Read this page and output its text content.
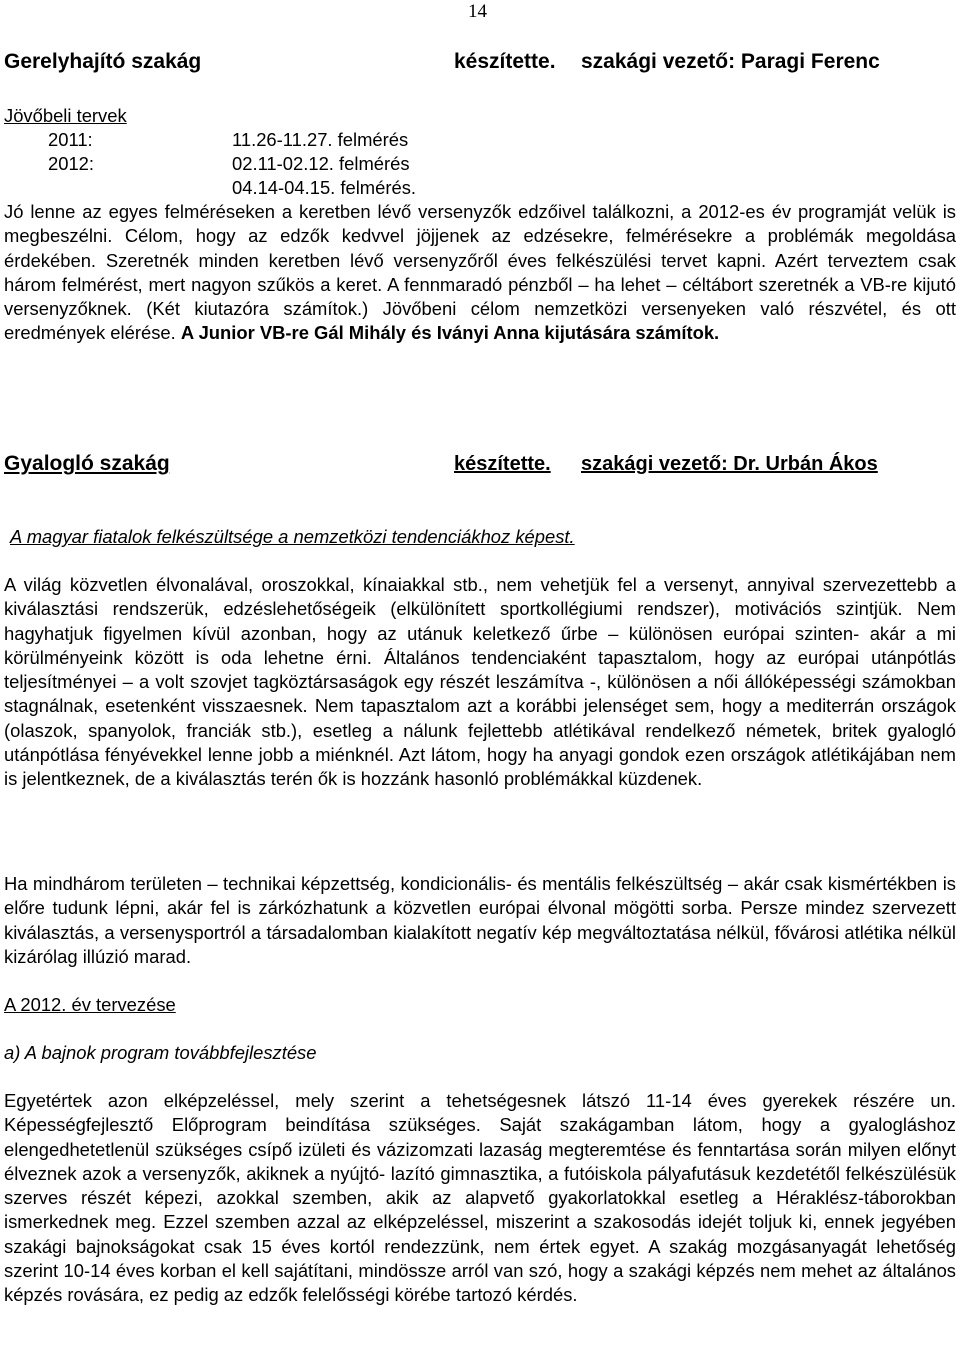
14
Gerelyhajító szakág	készítette. szakági vezető: Paragi Ferenc
Jövőbeli tervek
2011:	11.26-11.27. felmérés
2012:	02.11-02.12. felmérés
04.14-04.15. felmérés.
Jó lenne az egyes felméréseken a keretben lévő versenyzők edzőivel találkozni, a 2012-es év programját velük is megbeszélni. Célom, hogy az edzők kedvvel jöjjenek az edzésekre, felmérésekre a problémák megoldása érdekében. Szeretnék minden keretben lévő versenyzőről éves felkészülési tervet kapni. Azért terveztem csak három felmérést, mert nagyon szűkös a keret. A fennmaradó pénzből – ha lehet – céltábort szeretnék a VB-re kijutó versenyzőknek. (Két kiutazóra számítok.) Jövőbeni célom nemzetközi versenyeken való részvétel, és ott eredmények elérése. A Junior VB-re Gál Mihály és Iványi Anna kijutására számítok.
Gyalogló szakág	készítette. szakági vezető: Dr. Urbán Ákos
A magyar fiatalok felkészültsége a nemzetközi tendenciákhoz képest.
A világ közvetlen élvonalával, oroszokkal, kínaiakkal stb., nem vehetjük fel a versenyt, annyival szervezettebb a kiválasztási rendszerük, edzéslehetőségeik (elkülönített sportkollégiumi rendszer), motivációs szintjük. Nem hagyhatjuk figyelmen kívül azonban, hogy az utánuk keletkező űrbe – különösen európai szinten- akár a mi körülményeink között is oda lehetne érni. Általános tendenciaként tapasztalom, hogy az európai utánpótlás teljesítményei – a volt szovjet tagköztársaságok egy részét leszámítva -, különösen a női állóképességi számokban stagnálnak, esetenként visszaesnek. Nem tapasztalom azt a korábbi jelenséget sem, hogy a mediterrán országok (olaszok, spanyolok, franciák stb.), esetleg a nálunk fejlettebb atlétikával rendelkező németek, britek gyalogló utánpótlása fényévekkel lenne jobb a miénknél. Azt látom, hogy ha anyagi gondok ezen országok atlétikájában nem is jelentkeznek, de a kiválasztás terén ők is hozzánk hasonló problémákkal küzdenek.
Ha mindhárom területen – technikai képzettség, kondicionális- és mentális felkészültség – akár csak kismértékben is előre tudunk lépni, akár fel is zárkózhatunk a közvetlen európai élvonal mögötti sorba. Persze mindez szervezett kiválasztás, a versenysportról a társadalomban kialakított negatív kép megváltoztatása nélkül, fővárosi atlétika nélkül kizárólag illúzió marad.
A 2012. év tervezése
a) A bajnok program továbbfejlesztése
Egyetértek azon elképzeléssel, mely szerint a tehetségesnek látszó 11-14 éves gyerekek részére un. Képességfejlesztő Előprogram beindítása szükséges. Saját szakágamban látom, hogy a gyalogláshoz elengedhetetlenül szükséges csípő izületi és vázizomzati lazaság megteremtése és fenntartása során milyen előnyt élveznek azok a versenyzők, akiknek a nyújtó- lazító gimnasztika, a futóiskola pályafutásuk kezdetétől felkészülésük szerves részét képezi, azokkal szemben, akik az alapvető gyakorlatokkal esetleg a Héraklész-táborokban ismerkednek meg. Ezzel szemben azzal az elképzeléssel, miszerint a szakosodás idejét toljuk ki, ennek jegyében szakági bajnokságokat csak 15 éves kortól rendezzünk, nem értek egyet. A szakág mozgásanyagát lehetőség szerint 10-14 éves korban el kell sajátítani, mindössze arról van szó, hogy a szakági képzés nem mehet az általános képzés rovására, ez pedig az edzők felelősségi körébe tartozó kérdés.
